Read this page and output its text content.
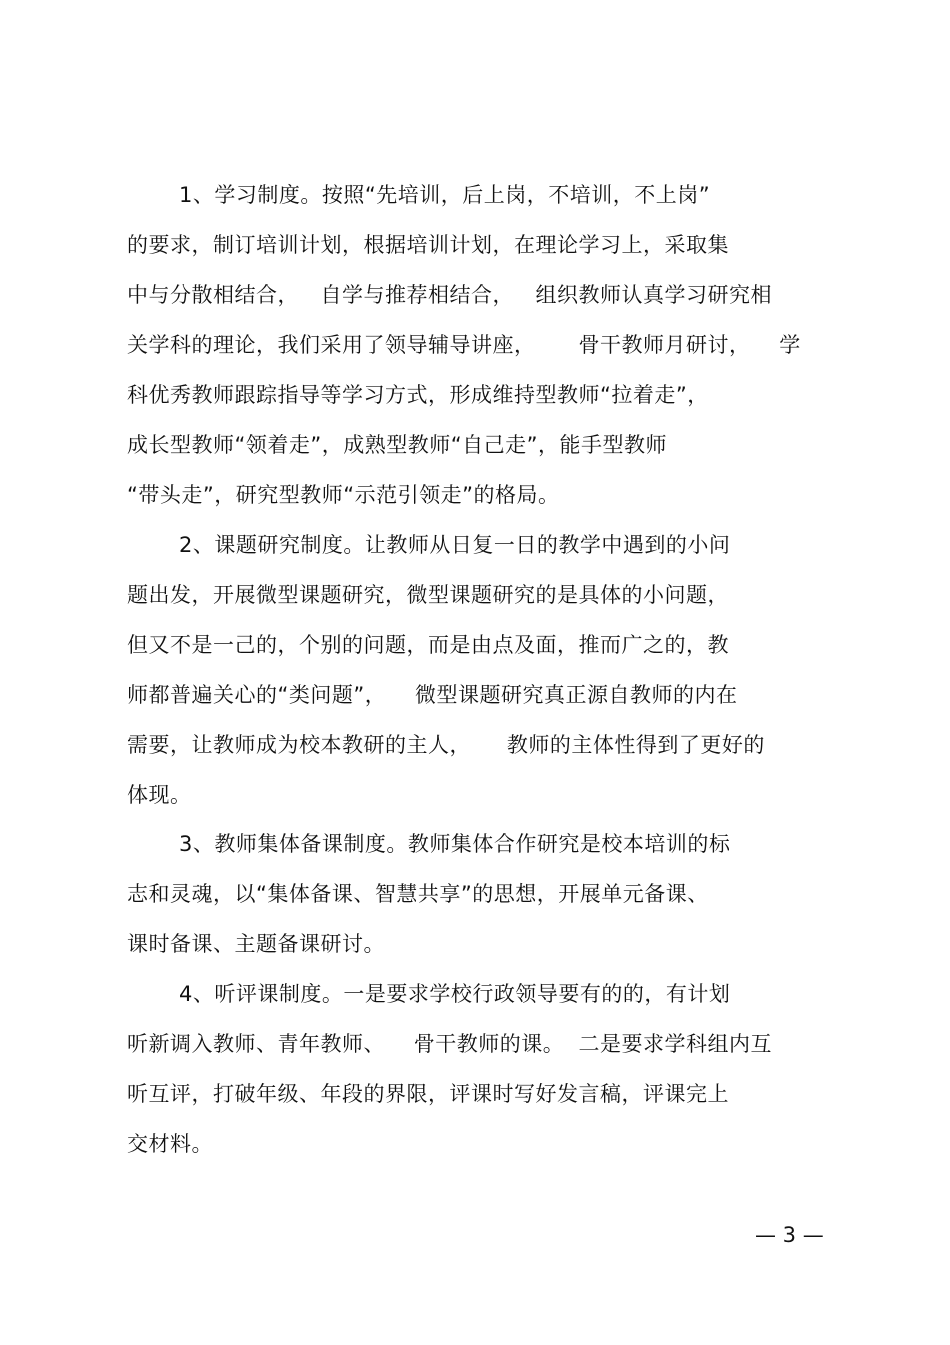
1、学习制度。按照“先培训，后上岗，不培训，不上岗”
的要求，制订培训计划，根据培训计划，在理论学习上，采取集
中与分散相结合，   自学与推荐相结合，   组织教师认真学习研究相
关学科的理论，我们采用了领导辅导讲座，      骨干教师月研讨，    学
科优秀教师跟踪指导等学习方式，形成维持型教师“拉着走”，
成长型教师“领着走”，成熟型教师“自己走”，能手型教师
“带头走”，研究型教师“示范引领走”的格局。
2、课题研究制度。让教师从日复一日的教学中遇到的小问
题出发，开展微型课题研究，微型课题研究的是具体的小问题，
但又不是一己的，个别的问题，而是由点及面，推而广之的，教
师都普遍关心的“类问题”，    微型课题研究真正源自教师的内在
需要，让教师成为校本教研的主人，     教师的主体性得到了更好的
体现。
3、教师集体备课制度。教师集体合作研究是校本培训的标
志和灵魂，以“集体备课、智慧共享”的思想，开展单元备课、
课时备课、主题备课研讨。
4、听评课制度。一是要求学校行政领导要有的的，有计划
听新调入教师、青年教师、    骨干教师的课。  二是要求学科组内互
听互评，打破年级、年段的界限，评课时写好发言稿，评课完上
交材料。
— 3 —
